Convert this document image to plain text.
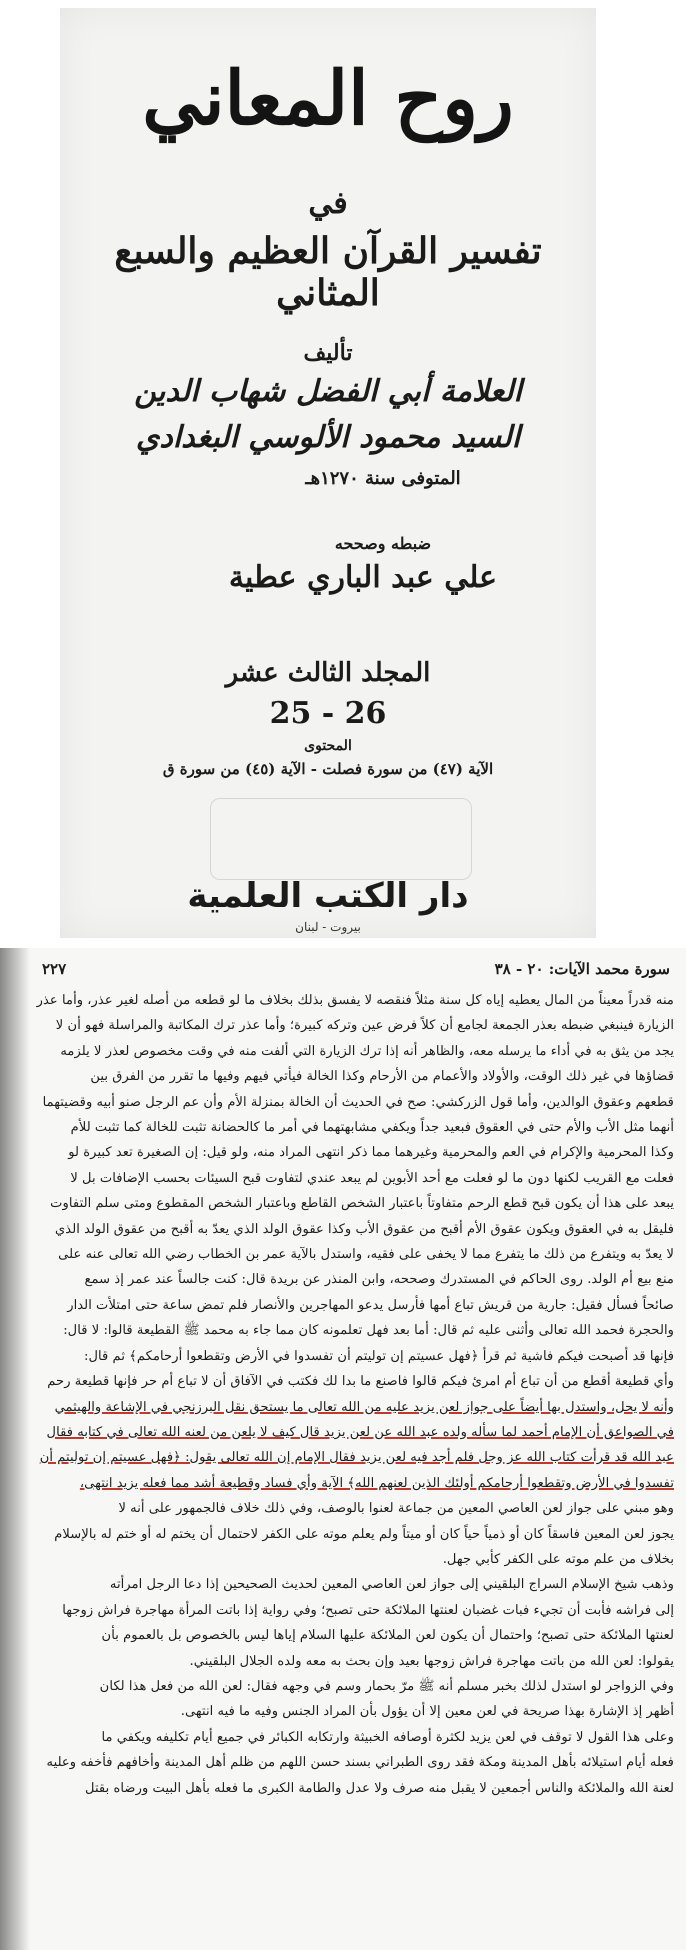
روح المعاني
في
تفسير القرآن العظيم والسبع المثاني
تأليف
العلامة أبي الفضل شهاب الدين
السيد محمود الألوسي البغدادي
المتوفى سنة ١٢٧٠هـ
ضبطه وصححه
علي عبد الباري عطية
المجلد الثالث عشر
25 - 26
المحتوى
الآية (٤٧) من سورة فصلت - الآية (٤٥) من سورة ق
دار الكتب العلمية
بيروت - لبنان
٢٢٧	سورة محمد الآيات: ٢٠ - ٣٨

منه قدراً معيناً من المال يعطيه إياه كل سنة مثلاً فنقصه لا يفسق بذلك بخلاف ما لو قطعه من أصله لغير عذر، وأما عذر

الزيارة فينبغي ضبطه بعذر الجمعة لجامع أن كلاً فرض عين وتركه كبيرة؛ وأما عذر ترك المكاتبة والمراسلة فهو أن لا

يجد من يثق به في أداء ما يرسله معه، والظاهر أنه إذا ترك الزيارة التي ألفت منه في وقت مخصوص لعذر لا يلزمه

قضاؤها في غير ذلك الوقت، والأولاد والأعمام من الأرحام وكذا الخالة فيأتي فيهم وفيها ما تقرر من الفرق بين

قطعهم وعقوق الوالدين، وأما قول الزركشي: صح في الحديث أن الخالة بمنزلة الأم وأن عم الرجل صنو أبيه وقضيتهما

أنهما مثل الأب والأم حتى في العقوق فبعيد جداً ويكفي مشابهتهما في أمر ما كالحضانة تثبت للخالة كما تثبت للأم

وكذا المحرمية والإكرام في العم والمحرمية وغيرهما مما ذكر انتهى المراد منه، ولو قيل: إن الصغيرة تعد كبيرة لو

فعلت مع القريب لكنها دون ما لو فعلت مع أحد الأبوين لم يبعد عندي لتفاوت قبح السيئات بحسب الإضافات بل لا

يبعد على هذا أن يكون قبح قطع الرحم متفاوتاً باعتبار الشخص القاطع وباعتبار الشخص المقطوع ومتى سلم التفاوت

فليقل به في العقوق ويكون عقوق الأم أقبح من عقوق الأب وكذا عقوق الولد الذي يعدّ به أقبح من عقوق الولد الذي

لا يعدّ به ويتفرع من ذلك ما يتفرع مما لا يخفى على فقيه، واستدل بالآية عمر بن الخطاب رضي الله تعالى عنه على

منع بيع أم الولد. روى الحاكم في المستدرك وصححه، وابن المنذر عن بريدة قال: كنت جالساً عند عمر إذ سمع

صائحاً فسأل فقيل: جارية من قريش تباع أمها فأرسل يدعو المهاجرين والأنصار فلم تمض ساعة حتى امتلأت الدار

والحجرة فحمد الله تعالى وأثنى عليه ثم قال: أما بعد فهل تعلمونه كان مما جاء به محمد ﷺ القطيعة قالوا: لا قال:

فإنها قد أصبحت فيكم فاشية ثم قرأ ﴿فهل عسيتم إن توليتم أن تفسدوا في الأرض وتقطعوا أرحامكم﴾ ثم قال:

وأي قطيعة أقطع من أن تباع أم امرئ فيكم قالوا فاصنع ما بدا لك فكتب في الآفاق أن لا تباع أم حر فإنها قطيعة رحم

وأنه لا يحل، واستدل بها أيضاً على جواز لعن يزيد عليه من الله تعالى ما يستحق نقل البرزنجي في الإشاعة والهيثمي

في الصواعق أن الإمام أحمد لما سأله ولده عبد الله عن لعن يزيد قال كيف لا يلعن من لعنه الله تعالى في كتابه فقال

عبد الله قد قرأت كتاب الله عز وجل فلم أجد فيه لعن يزيد فقال الإمام إن الله تعالى يقول: ﴿فهل عسيتم إن توليتم أن

تفسدوا في الأرض وتقطعوا أرحامكم أولئك الذين لعنهم الله﴾ الآية وأي فساد وقطيعة أشد مما فعله يزيد انتهى،

وهو مبني على جواز لعن العاصي المعين من جماعة لعنوا بالوصف، وفي ذلك خلاف فالجمهور على أنه لا

يجوز لعن المعين فاسقاً كان أو ذمياً حياً كان أو ميتاً ولم يعلم موته على الكفر لاحتمال أن يختم له أو ختم له بالإسلام

بخلاف من علم موته على الكفر كأبي جهل.

وذهب شيخ الإسلام السراج البلقيني إلى جواز لعن العاصي المعين لحديث الصحيحين إذا دعا الرجل امرأته

إلى فراشه فأبت أن تجيء فبات غضبان لعنتها الملائكة حتى تصبح؛ وفي رواية إذا باتت المرأة مهاجرة فراش زوجها

لعنتها الملائكة حتى تصبح؛ واحتمال أن يكون لعن الملائكة عليها السلام إياها ليس بالخصوص بل بالعموم بأن

يقولوا: لعن الله من باتت مهاجرة فراش زوجها بعيد وإن بحث به معه ولده الجلال البلقيني.

وفي الزواجر لو استدل لذلك بخبر مسلم أنه ﷺ مرّ بحمار وسم في وجهه فقال: لعن الله من فعل هذا لكان

أظهر إذ الإشارة بهذا صريحة في لعن معين إلا أن يؤول بأن المراد الجنس وفيه ما فيه انتهى.

وعلى هذا القول لا توقف في لعن يزيد لكثرة أوصافه الخبيثة وارتكابه الكبائر في جميع أيام تكليفه ويكفي ما

فعله أيام استيلائه بأهل المدينة ومكة فقد روى الطبراني بسند حسن اللهم من ظلم أهل المدينة وأخافهم فأخفه وعليه

لعنة الله والملائكة والناس أجمعين لا يقبل منه صرف ولا عدل والطامة الكبرى ما فعله بأهل البيت ورضاه بقتل
